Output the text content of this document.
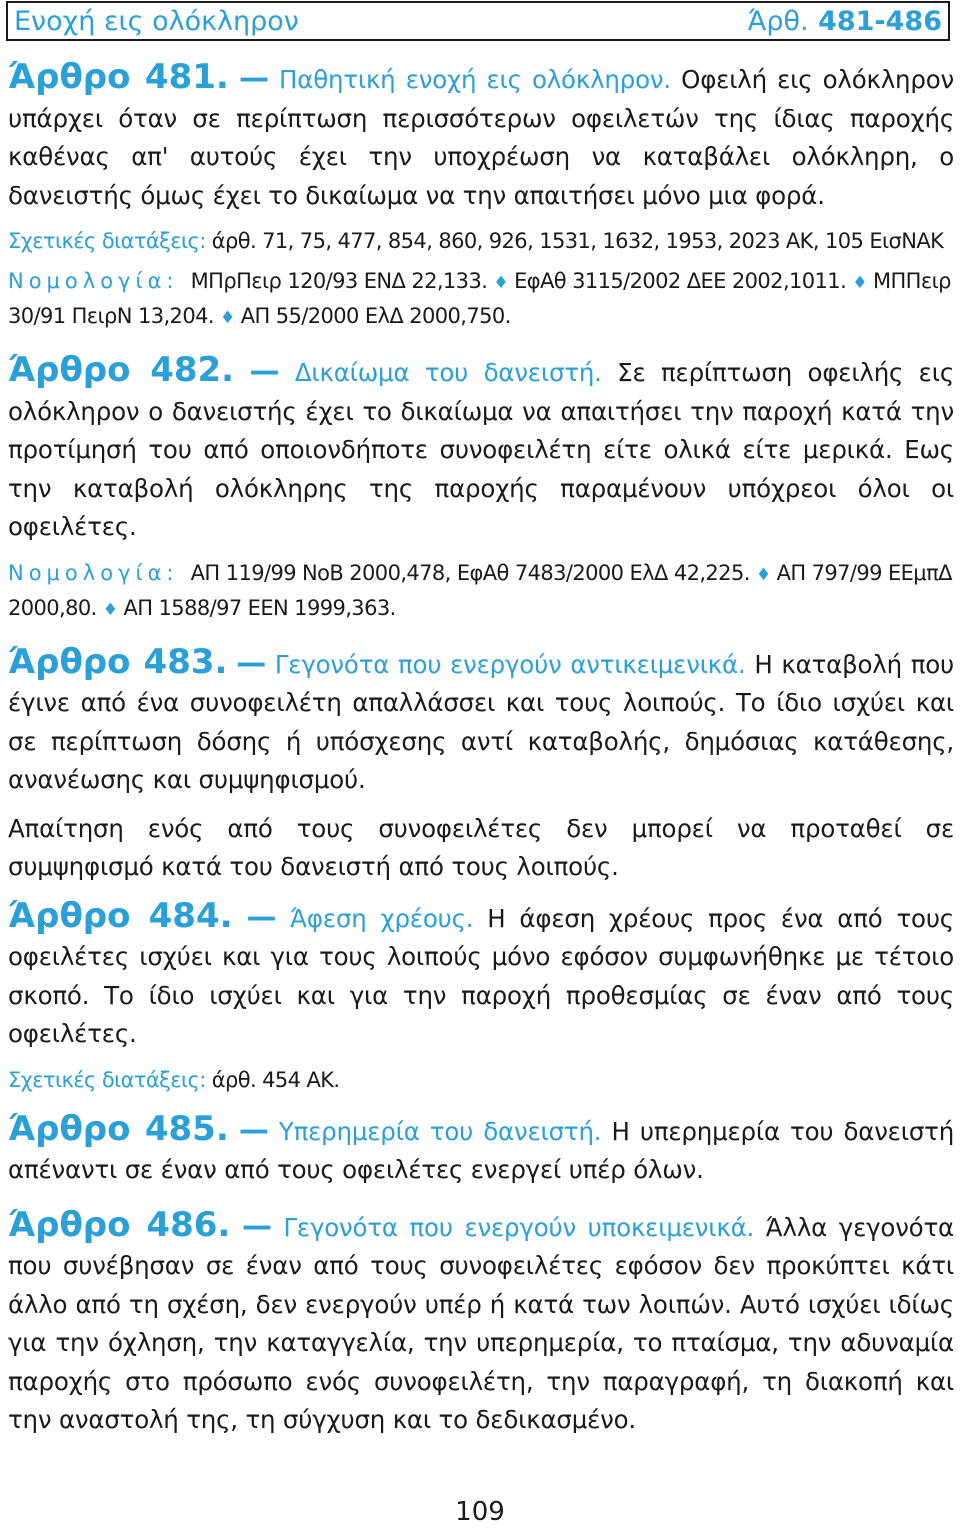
Ενοχή εις ολόκληρον	Άρθ. 481-486

Άρθρο 481. — Παθητική ενοχή εις ολόκληρον. Οφειλή εις ολόκληρον υπάρχει όταν σε περίπτωση περισσότερων οφειλετών της ίδιας παροχής καθένας απ' αυτούς έχει την υποχρέωση να καταβάλει ολόκληρη, ο δανειστής όμως έχει το δικαίωμα να την απαιτήσει μόνο μια φορά.

Σχετικές διατάξεις: άρθ. 71, 75, 477, 854, 860, 926, 1531, 1632, 1953, 2023 ΑΚ, 105 ΕισΝΑΚ

Νομολογία: ΜΠρΠειρ 120/93 ΕΝΔ 22,133. ♦ ΕφΑθ 3115/2002 ΔΕΕ 2002,1011. ♦ ΜΠΠειρ 30/91 ΠειρΝ 13,204. ♦ ΑΠ 55/2000 ΕλΔ 2000,750.

Άρθρο 482. — Δικαίωμα του δανειστή. Σε περίπτωση οφειλής εις ολόκληρον ο δανειστής έχει το δικαίωμα να απαιτήσει την παροχή κατά την προτίμησή του από οποιονδήποτε συνοφειλέτη είτε ολικά είτε μερικά. Εως την καταβολή ολόκληρης της παροχής παραμένουν υπόχρεοι όλοι οι οφειλέτες.

Νομολογία: ΑΠ 119/99 ΝοΒ 2000,478, ΕφΑθ 7483/2000 ΕλΔ 42,225. ♦ ΑΠ 797/99 ΕΕμπΔ 2000,80. ♦ ΑΠ 1588/97 ΕΕΝ 1999,363.

Άρθρο 483. — Γεγονότα που ενεργούν αντικειμενικά. Η καταβολή που έγινε από ένα συνοφειλέτη απαλλάσσει και τους λοιπούς. Το ίδιο ισχύει και σε περίπτωση δόσης ή υπόσχεσης αντί καταβολής, δημόσιας κατάθεσης, ανανέωσης και συμψηφισμού.

Απαίτηση ενός από τους συνοφειλέτες δεν μπορεί να προταθεί σε συμψηφισμό κατά του δανειστή από τους λοιπούς.

Άρθρο 484. — Άφεση χρέους. Η άφεση χρέους προς ένα από τους οφειλέτες ισχύει και για τους λοιπούς μόνο εφόσον συμφωνήθηκε με τέτοιο σκοπό. Το ίδιο ισχύει και για την παροχή προθεσμίας σε έναν από τους οφειλέτες.

Σχετικές διατάξεις: άρθ. 454 ΑΚ.

Άρθρο 485. — Υπερημερία του δανειστή. Η υπερημερία του δανειστή απέναντι σε έναν από τους οφειλέτες ενεργεί υπέρ όλων.

Άρθρο 486. — Γεγονότα που ενεργούν υποκειμενικά. Άλλα γεγονότα που συνέβησαν σε έναν από τους συνοφειλέτες εφόσον δεν προκύπτει κάτι άλλο από τη σχέση, δεν ενεργούν υπέρ ή κατά των λοιπών. Αυτό ισχύει ιδίως για την όχληση, την καταγγελία, την υπερημερία, το πταίσμα, την αδυναμία παροχής στο πρόσωπο ενός συνοφειλέτη, την παραγραφή, τη διακοπή και την αναστολή της, τη σύγχυση και το δεδικασμένο.

109
